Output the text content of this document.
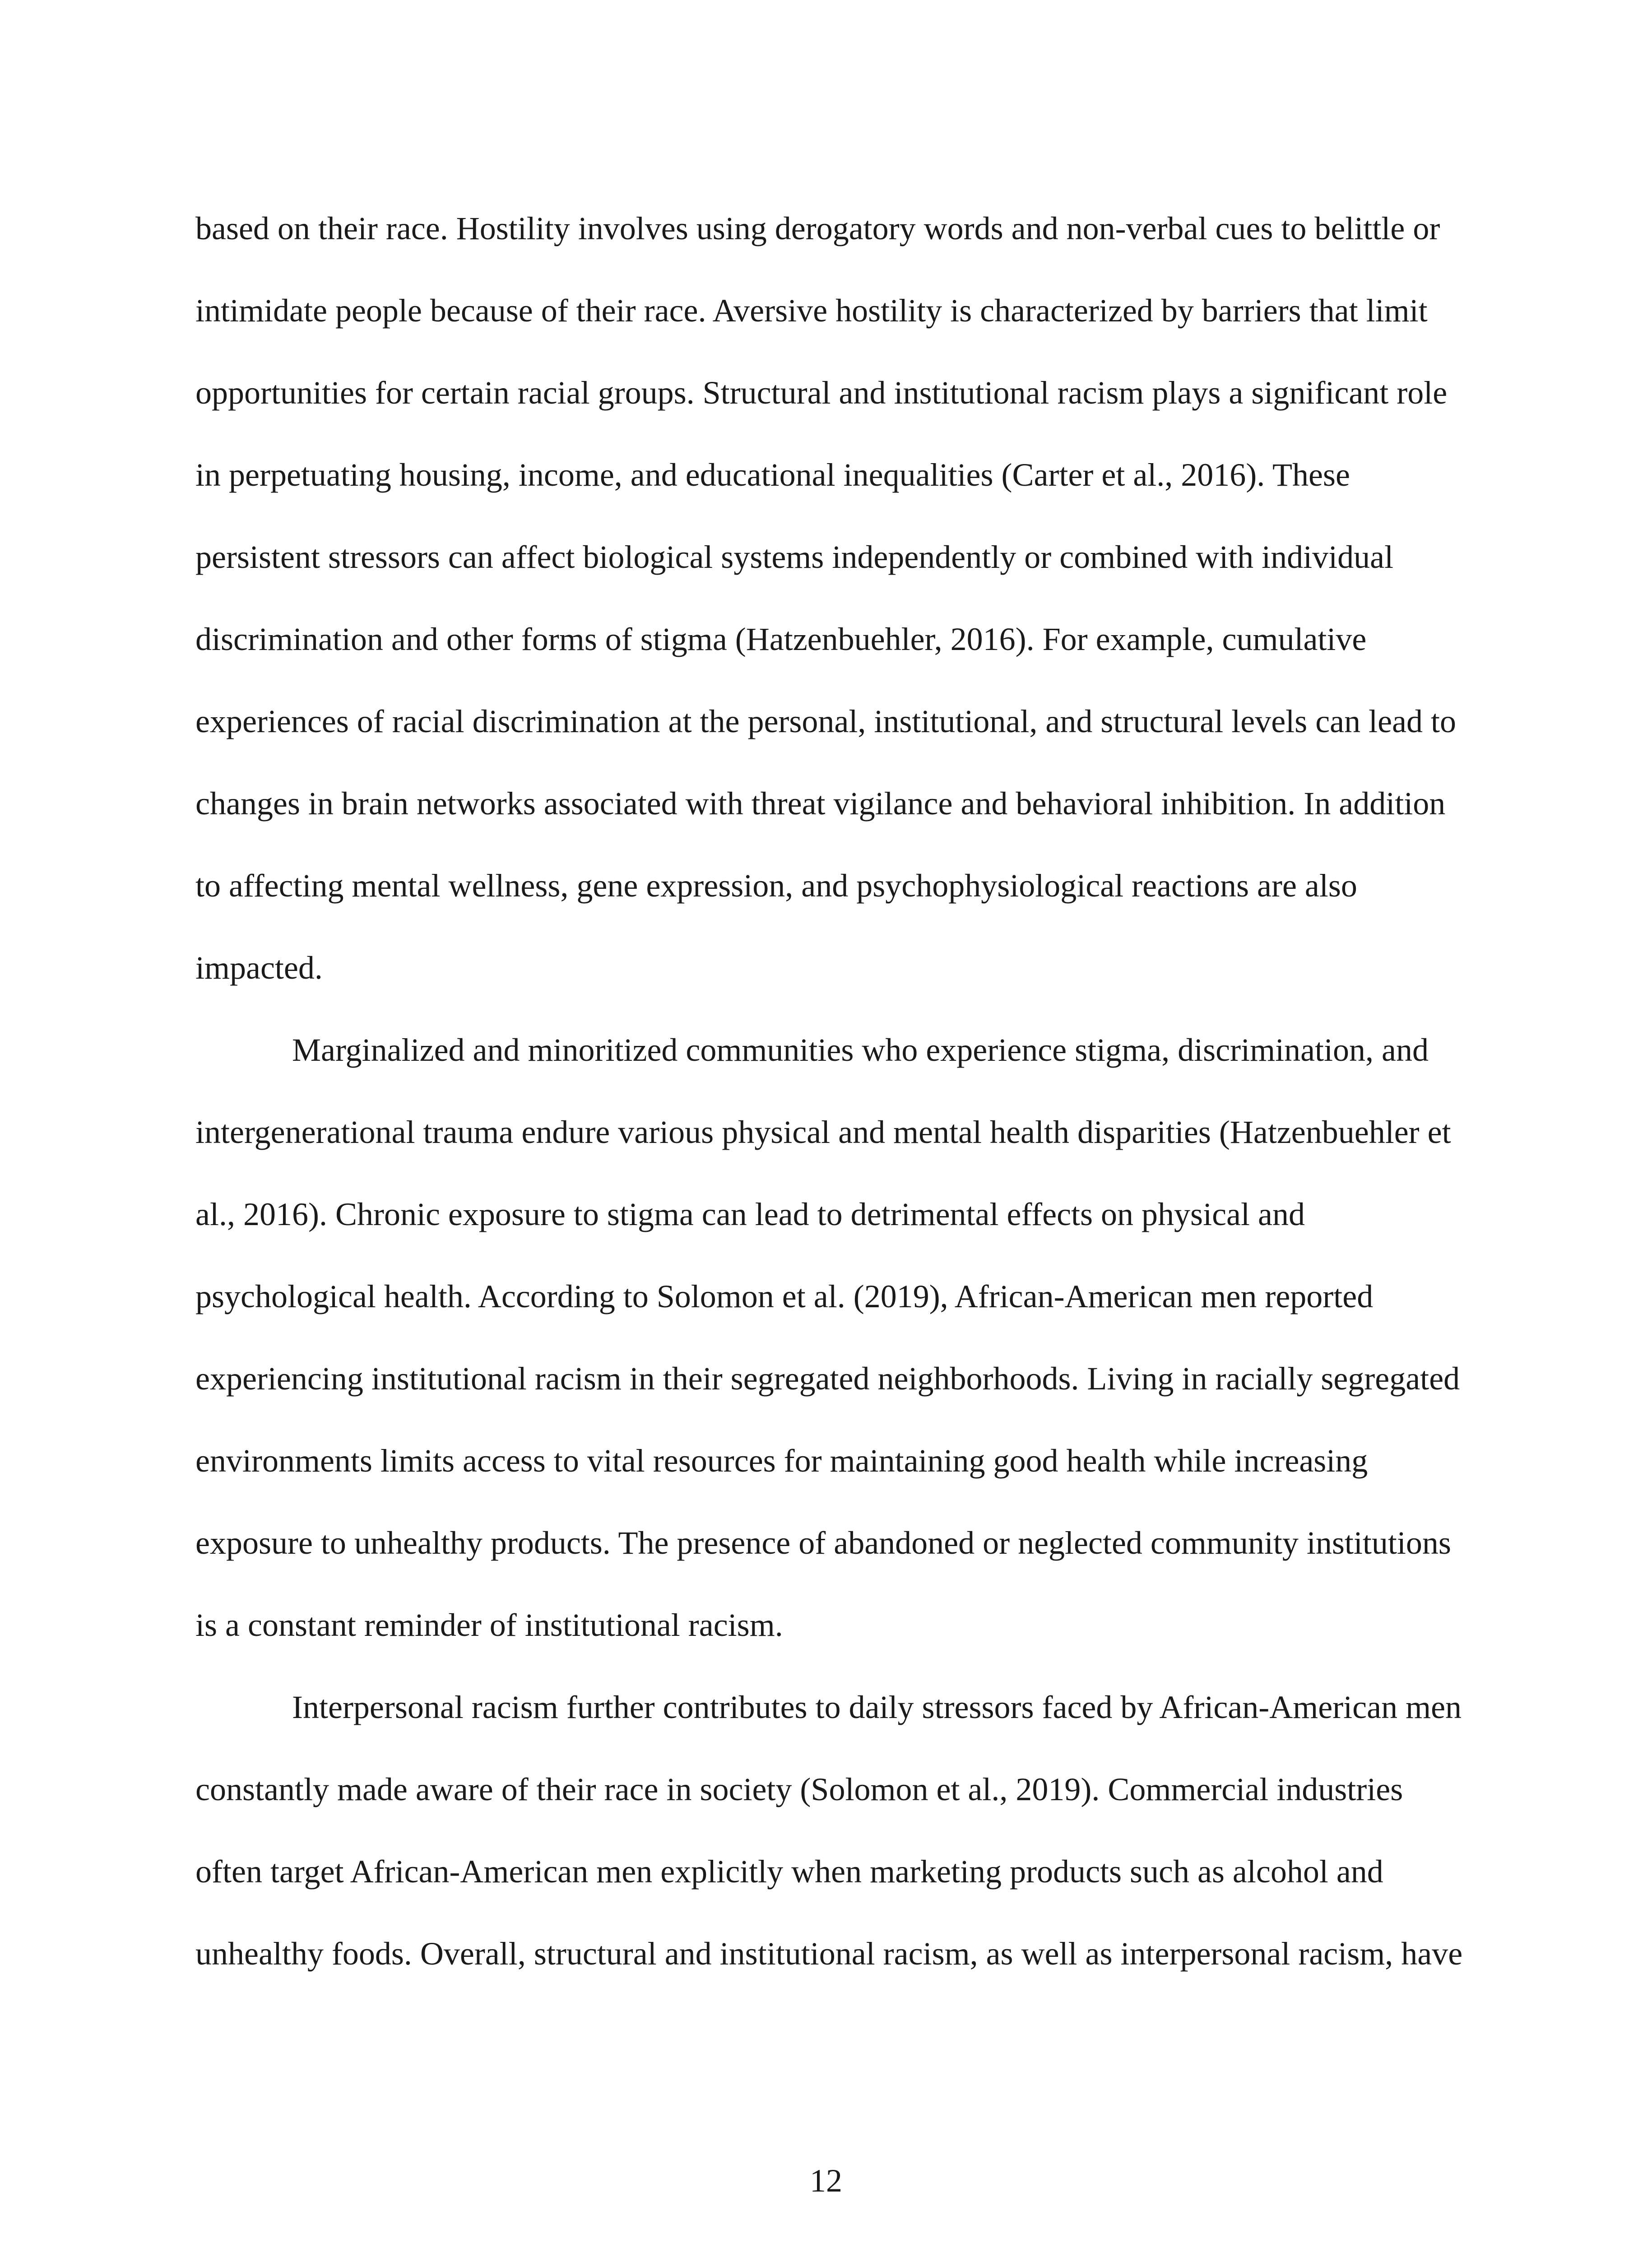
based on their race. Hostility involves using derogatory words and non-verbal cues to belittle or
intimidate people because of their race. Aversive hostility is characterized by barriers that limit
opportunities for certain racial groups. Structural and institutional racism plays a significant role
in perpetuating housing, income, and educational inequalities (Carter et al., 2016). These
persistent stressors can affect biological systems independently or combined with individual
discrimination and other forms of stigma (Hatzenbuehler, 2016). For example, cumulative
experiences of racial discrimination at the personal, institutional, and structural levels can lead to
changes in brain networks associated with threat vigilance and behavioral inhibition. In addition
to affecting mental wellness, gene expression, and psychophysiological reactions are also
impacted.
Marginalized and minoritized communities who experience stigma, discrimination, and
intergenerational trauma endure various physical and mental health disparities (Hatzenbuehler et
al., 2016). Chronic exposure to stigma can lead to detrimental effects on physical and
psychological health. According to Solomon et al. (2019), African-American men reported
experiencing institutional racism in their segregated neighborhoods. Living in racially segregated
environments limits access to vital resources for maintaining good health while increasing
exposure to unhealthy products. The presence of abandoned or neglected community institutions
is a constant reminder of institutional racism.
Interpersonal racism further contributes to daily stressors faced by African-American men
constantly made aware of their race in society (Solomon et al., 2019). Commercial industries
often target African-American men explicitly when marketing products such as alcohol and
unhealthy foods. Overall, structural and institutional racism, as well as interpersonal racism, have
12
